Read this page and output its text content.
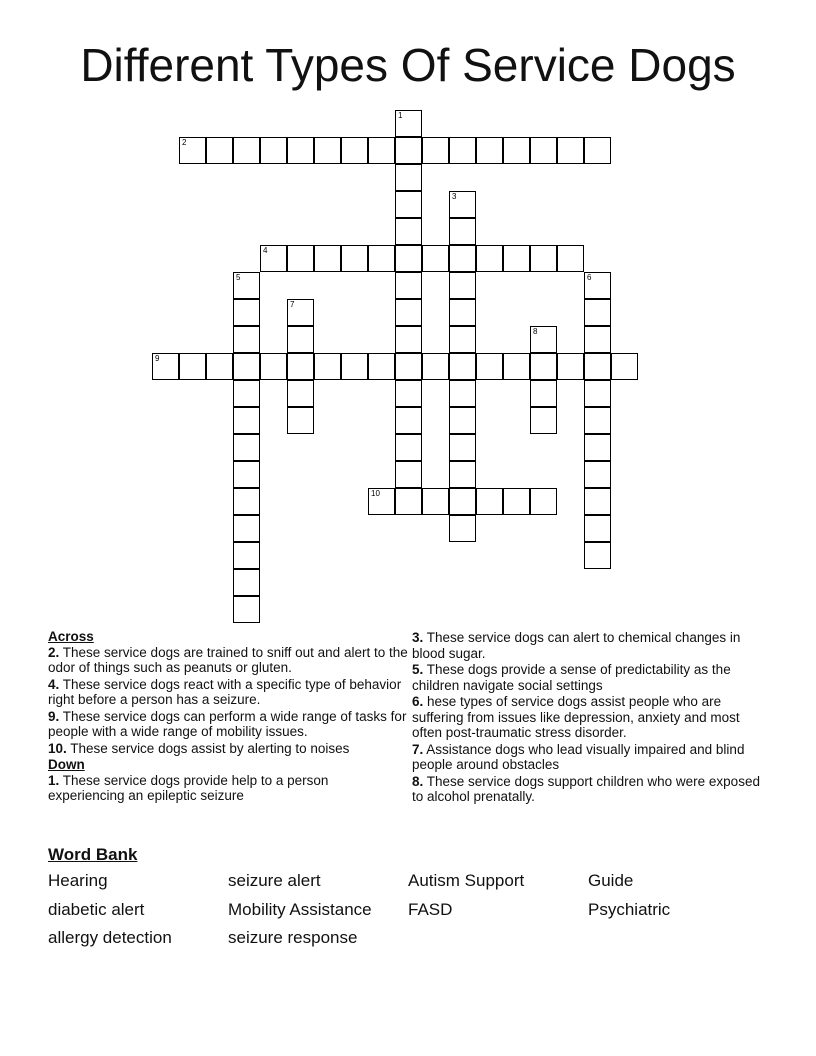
Different Types Of Service Dogs
1
2
3
4
5	6
7
8
9
10
Across
2. These service dogs are trained to sniff out and alert to the odor of things such as peanuts or gluten.
4. These service dogs react with a specific type of behavior right before a person has a seizure.
9. These service dogs can perform a wide range of tasks for people with a wide range of mobility issues.
10. These service dogs assist by alerting to noises
Down
1. These service dogs provide help to a person experiencing an epileptic seizure
3. These service dogs can alert to chemical changes in blood sugar.
5. These dogs provide a sense of predictability as the children navigate social settings
6. hese types of service dogs assist people who are suffering from issues like depression, anxiety and most often post-traumatic stress disorder.
7. Assistance dogs who lead visually impaired and blind people around obstacles
8. These service dogs support children who were exposed to alcohol prenatally.
Word Bank
Hearing	seizure alert	Autism Support	Guide
diabetic alert	Mobility Assistance	FASD	Psychiatric
allergy detection	seizure response
